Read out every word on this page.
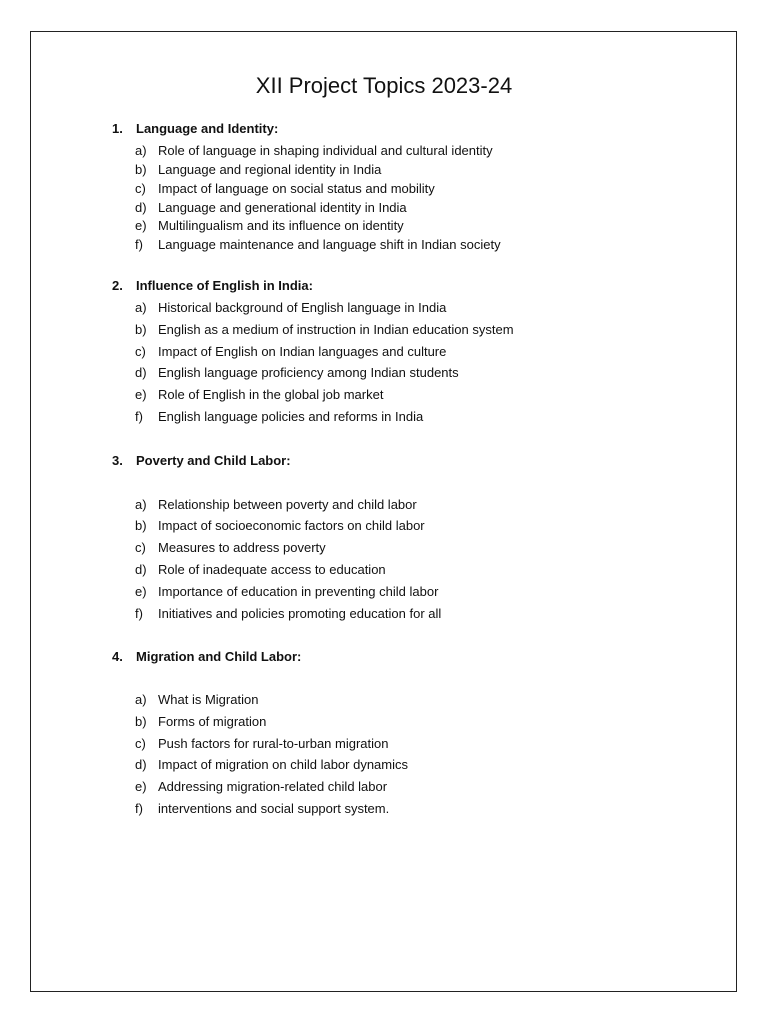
XII Project Topics 2023-24
1. Language and Identity:
a) Role of language in shaping individual and cultural identity
b) Language and regional identity in India
c) Impact of language on social status and mobility
d) Language and generational identity in India
e) Multilingualism and its influence on identity
f) Language maintenance and language shift in Indian society
2. Influence of English in India:
a) Historical background of English language in India
b) English as a medium of instruction in Indian education system
c) Impact of English on Indian languages and culture
d) English language proficiency among Indian students
e) Role of English in the global job market
f) English language policies and reforms in India
3. Poverty and Child Labor:
a) Relationship between poverty and child labor
b) Impact of socioeconomic factors on child labor
c) Measures to address poverty
d) Role of inadequate access to education
e) Importance of education in preventing child labor
f) Initiatives and policies promoting education for all
4. Migration and Child Labor:
a) What is Migration
b) Forms of migration
c) Push factors for rural-to-urban migration
d) Impact of migration on child labor dynamics
e) Addressing migration-related child labor
f) interventions and social support system.
